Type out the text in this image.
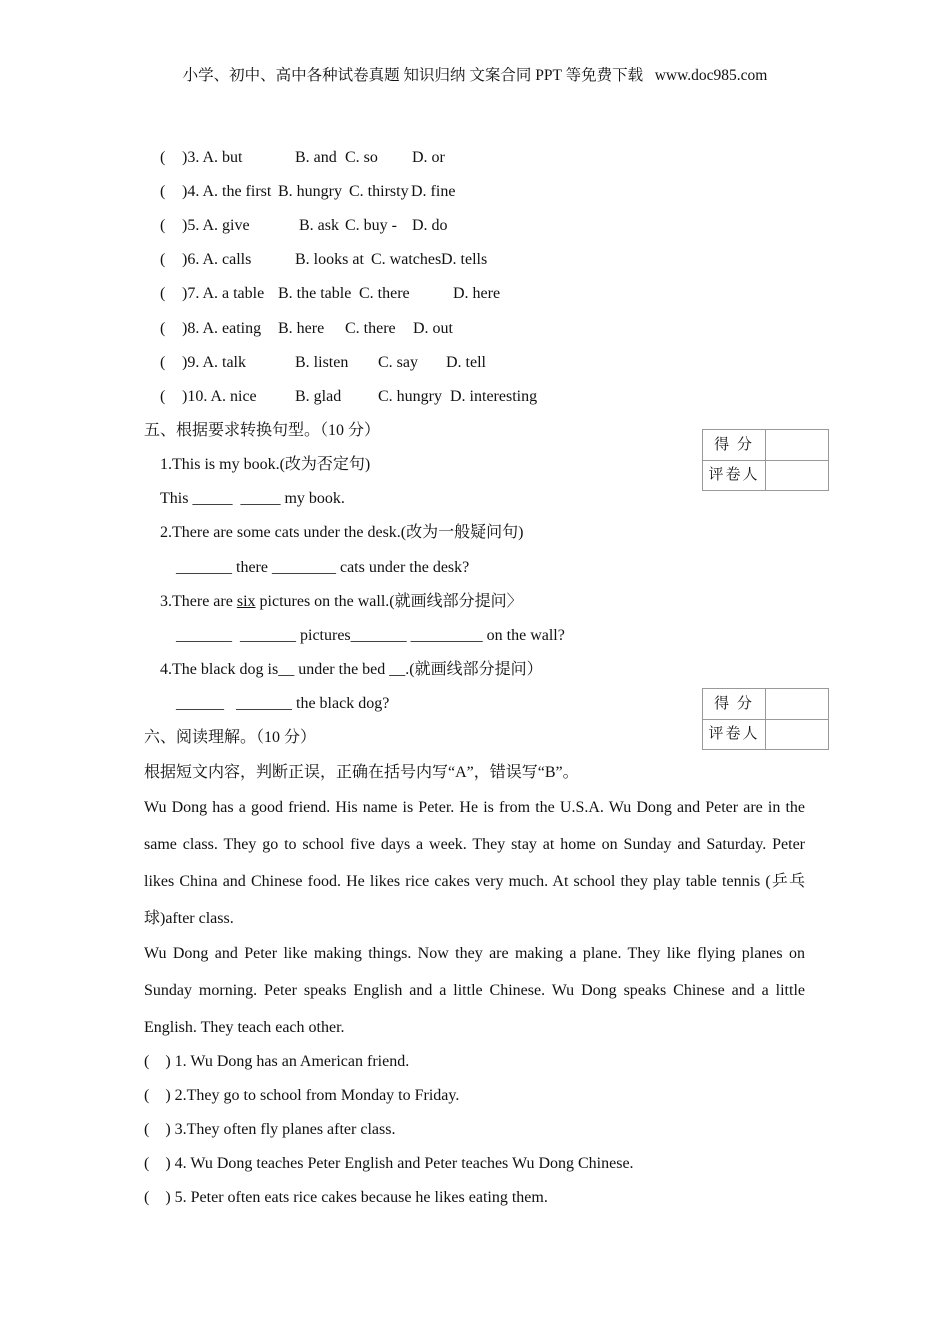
小学、初中、高中各种试卷真题 知识归纳 文案合同 PPT 等免费下载   www.doc985.com

(

)3. A. but

	B. and

C. so

D. or

(

)4. A. the first

B. hungry

C. thirsty

D. fine

(

)5. A. give

	B. ask

C. buy -

D. do

(

)6. A. calls

	B. looks at

C. watches

D. tells

(

)7. A. a table

B. the table

C. there

	D. here

(

)8. A. eating

B. here

C. there

D. out

(

)9. A. talk

	B. listen

C. say

D. tell

(

)10. A. nice

B. glad

C. hungry

D. interesting

五、根据要求转换句型。（10 分）
得 分
评卷人
1.This is my book.(改为否定句)
This _____  _____ my book.
2.There are some cats under the desk.(改为一般疑问句)
_______ there ________ cats under the desk?
3.There are six pictures on the wall.(就画线部分提问〉
_______  _______ pictures_______ _________ on the wall?
4.The black dog is__ under the bed __.(就画线部分提问）
______   _______ the black dog?	得 分
评卷人
六、阅读理解。（10 分）
根据短文内容，判断正误，正确在括号内写“A”，错误写“B”。
Wu Dong has a good friend. His name is Peter. He is from the U.S.A. Wu Dong and Peter are in the same class. They go to school five days a week. They stay at home on Sunday and Saturday. Peter likes China and Chinese food. He likes rice cakes very much. At school they play table tennis (乒乓球)after class.
Wu Dong and Peter like making things. Now they are making a plane. They like flying planes on Sunday morning. Peter speaks English and a little Chinese. Wu Dong speaks Chinese and a little English. They teach each other.
(    ) 1. Wu Dong has an American friend.
(    ) 2.They go to school from Monday to Friday.
(    ) 3.They often fly planes after class.
(    ) 4. Wu Dong teaches Peter English and Peter teaches Wu Dong Chinese.
(    ) 5. Peter often eats rice cakes because he likes eating them.
